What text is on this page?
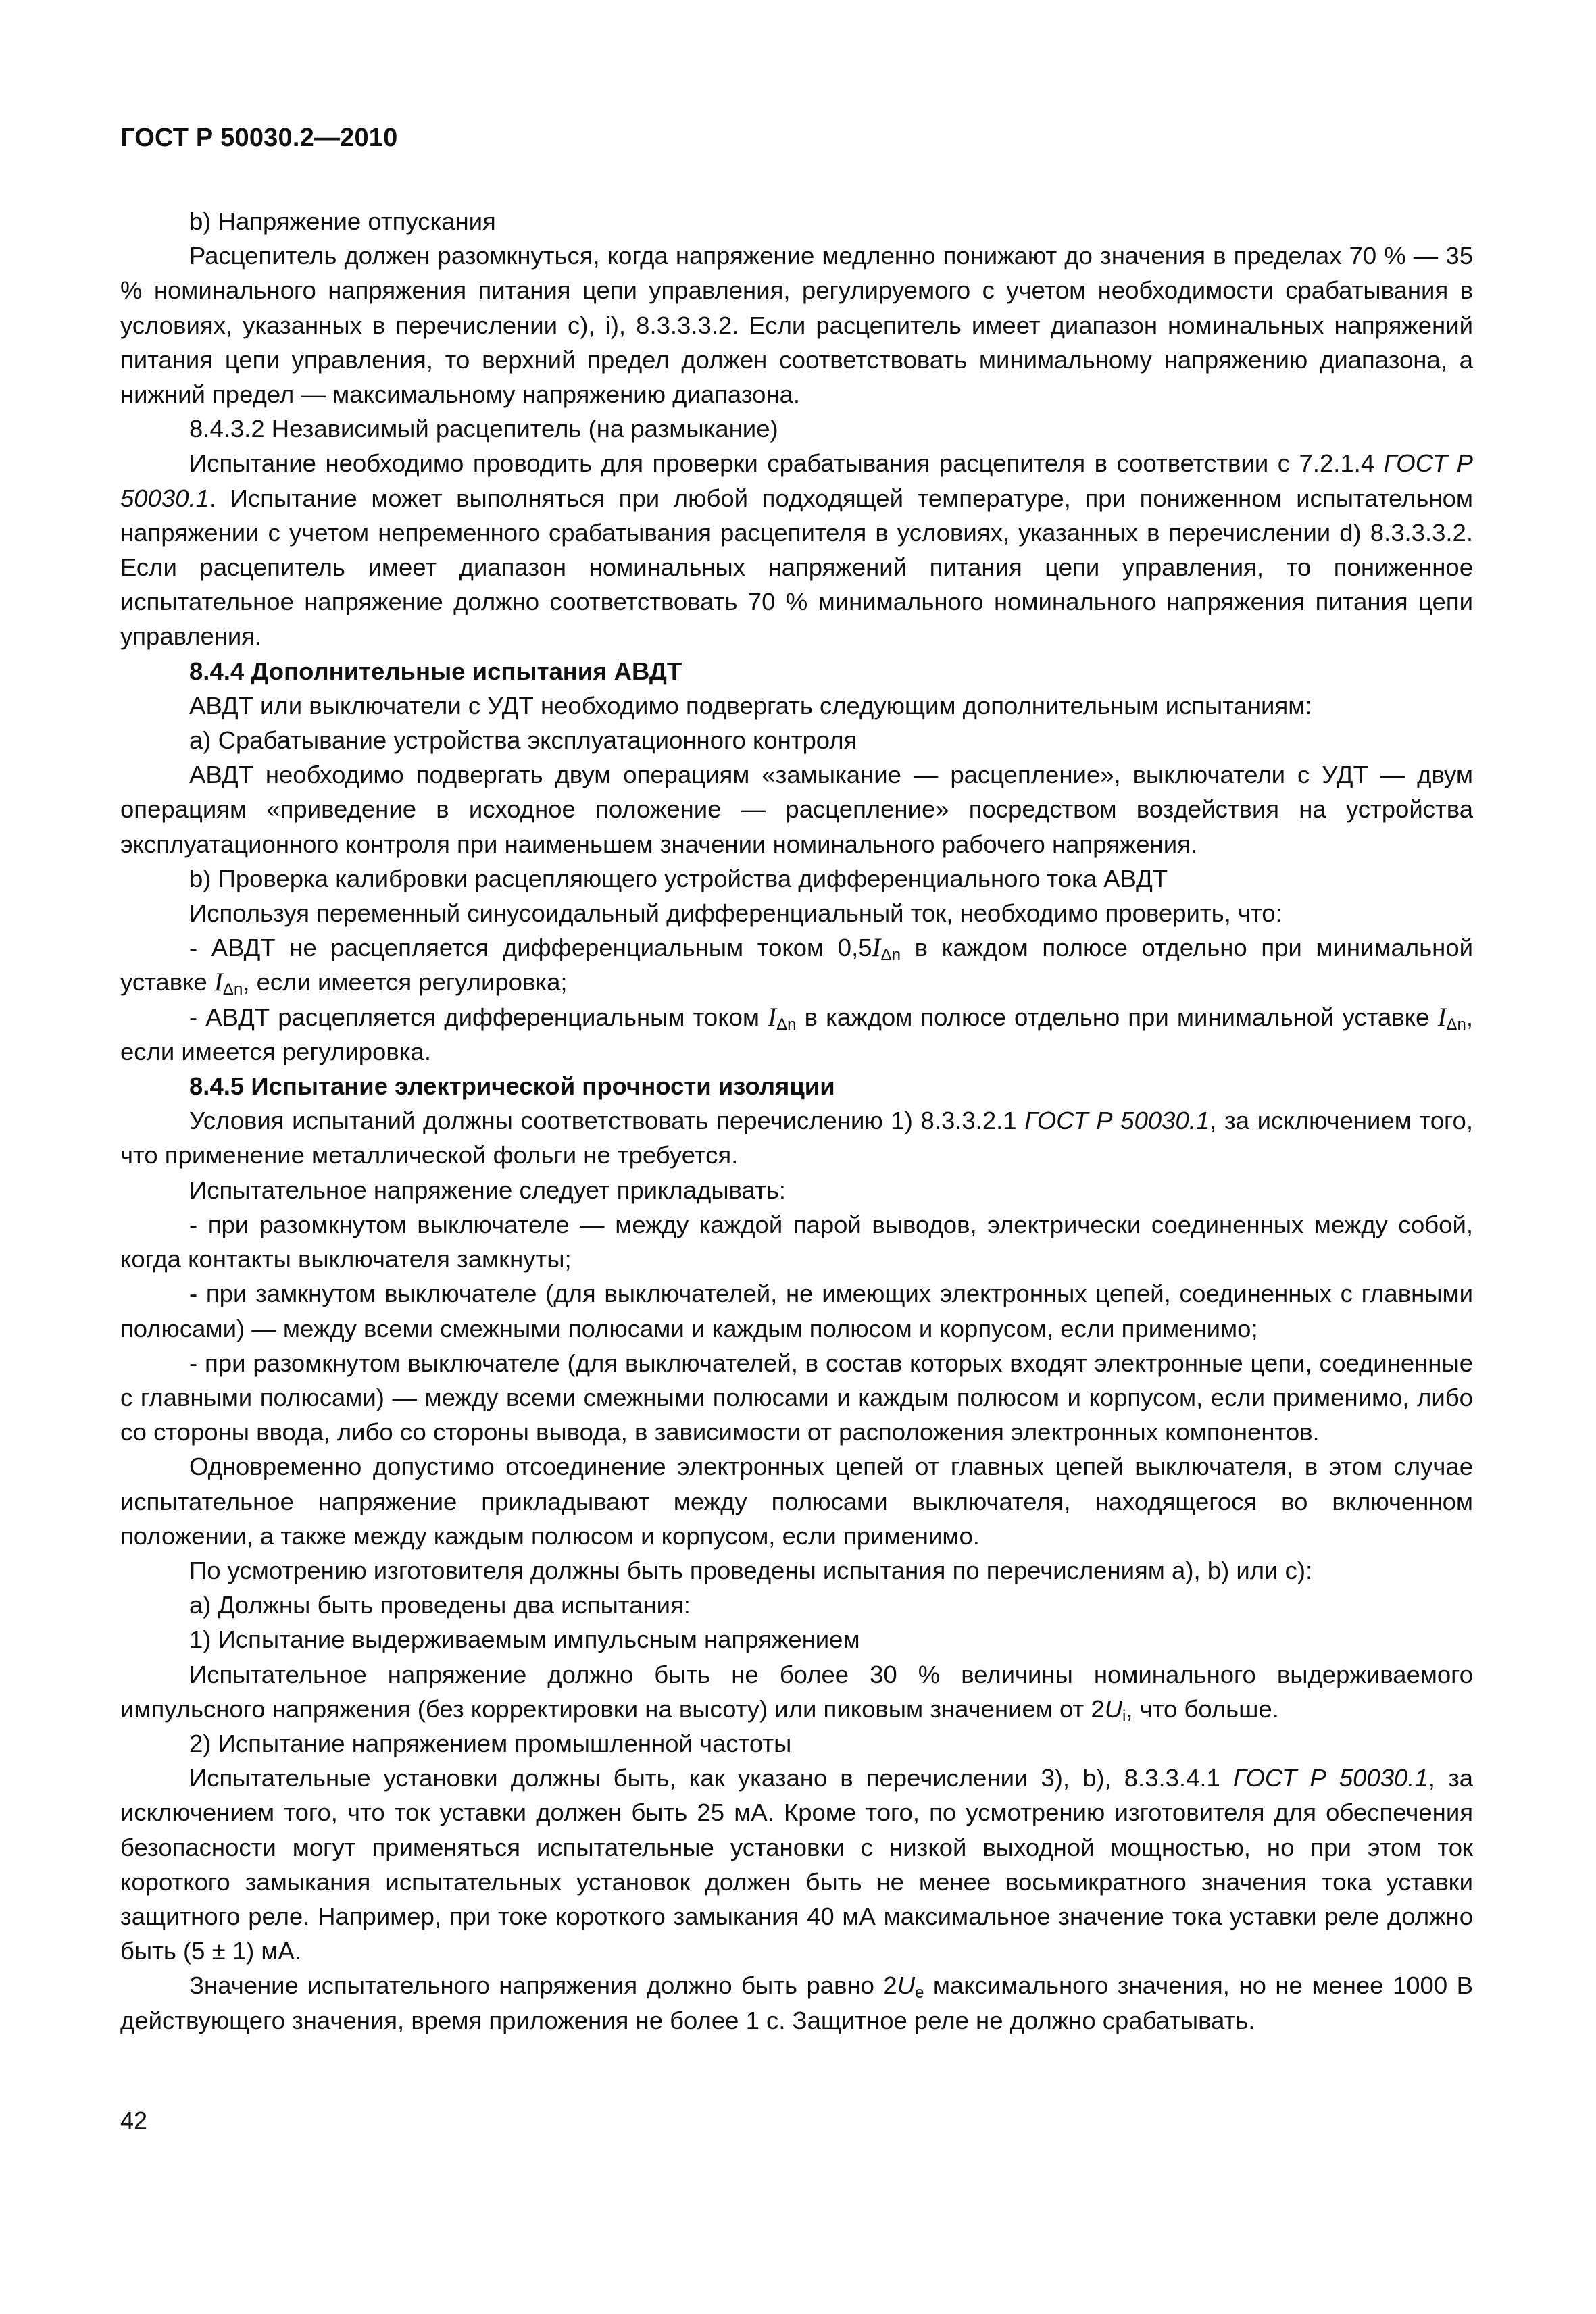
ГОСТ Р 50030.2—2010

b) Напряжение отпускания

Расцепитель должен разомкнуться, когда напряжение медленно понижают до значения в пределах 70 % — 35 % номинального напряжения питания цепи управления, регулируемого с учетом необходимости срабатывания в условиях, указанных в перечислении с), i), 8.3.3.3.2. Если расцепитель имеет диапазон номинальных напряжений питания цепи управления, то верхний предел должен соответствовать минимальному напряжению диапазона, а нижний предел — максимальному напряжению диапазона.

8.4.3.2 Независимый расцепитель (на размыкание)

Испытание необходимо проводить для проверки срабатывания расцепителя в соответствии с 7.2.1.4 ГОСТ Р 50030.1. Испытание может выполняться при любой подходящей температуре, при пониженном испытательном напряжении с учетом непременного срабатывания расцепителя в условиях, указанных в перечислении d) 8.3.3.3.2. Если расцепитель имеет диапазон номинальных напряжений питания цепи управления, то пониженное испытательное напряжение должно соответствовать 70 % минимального номинального напряжения питания цепи управления.

8.4.4 Дополнительные испытания АВДТ

АВДТ или выключатели с УДТ необходимо подвергать следующим дополнительным испытаниям:

а) Срабатывание устройства эксплуатационного контроля

АВДТ необходимо подвергать двум операциям «замыкание — расцепление», выключатели с УДТ — двум операциям «приведение в исходное положение — расцепление» посредством воздействия на устройства эксплуатационного контроля при наименьшем значении номинального рабочего напряжения.

b) Проверка калибровки расцепляющего устройства дифференциального тока АВДТ

Используя переменный синусоидальный дифференциальный ток, необходимо проверить, что:

- АВДТ не расцепляется дифференциальным током $0,5I_{\Delta n}$ в каждом полюсе отдельно при минимальной уставке $I_{\Delta n}$, если имеется регулировка;

- АВДТ расцепляется дифференциальным током $I_{\Delta n}$ в каждом полюсе отдельно при минимальной уставке $I_{\Delta n}$, если имеется регулировка.

8.4.5 Испытание электрической прочности изоляции

Условия испытаний должны соответствовать перечислению 1) 8.3.3.2.1 ГОСТ Р 50030.1, за исключением того, что применение металлической фольги не требуется.

Испытательное напряжение следует прикладывать:

- при разомкнутом выключателе — между каждой парой выводов, электрически соединенных между собой, когда контакты выключателя замкнуты;

- при замкнутом выключателе (для выключателей, не имеющих электронных цепей, соединенных с главными полюсами) — между всеми смежными полюсами и каждым полюсом и корпусом, если применимо;

- при разомкнутом выключателе (для выключателей, в состав которых входят электронные цепи, соединенные с главными полюсами) — между всеми смежными полюсами и каждым полюсом и корпусом, если применимо, либо со стороны ввода, либо со стороны вывода, в зависимости от расположения электронных компонентов.

Одновременно допустимо отсоединение электронных цепей от главных цепей выключателя, в этом случае испытательное напряжение прикладывают между полюсами выключателя, находящегося во включенном положении, а также между каждым полюсом и корпусом, если применимо.

По усмотрению изготовителя должны быть проведены испытания по перечислениям а), b) или с):

а) Должны быть проведены два испытания:

1) Испытание выдерживаемым импульсным напряжением

Испытательное напряжение должно быть не более 30 % величины номинального выдерживаемого импульсного напряжения (без корректировки на высоту) или пиковым значением от $2U_i$, что больше.

2) Испытание напряжением промышленной частоты

Испытательные установки должны быть, как указано в перечислении 3), b), 8.3.3.4.1 ГОСТ Р 50030.1, за исключением того, что ток уставки должен быть 25 мА. Кроме того, по усмотрению изготовителя для обеспечения безопасности могут применяться испытательные установки с низкой выходной мощностью, но при этом ток короткого замыкания испытательных установок должен быть не менее восьмикратного значения тока уставки защитного реле. Например, при токе короткого замыкания 40 мА максимальное значение тока уставки реле должно быть (5 ± 1) мА.

Значение испытательного напряжения должно быть равно $2U_e$ максимального значения, но не менее 1000 В действующего значения, время приложения не более 1 с. Защитное реле не должно срабатывать.

42
